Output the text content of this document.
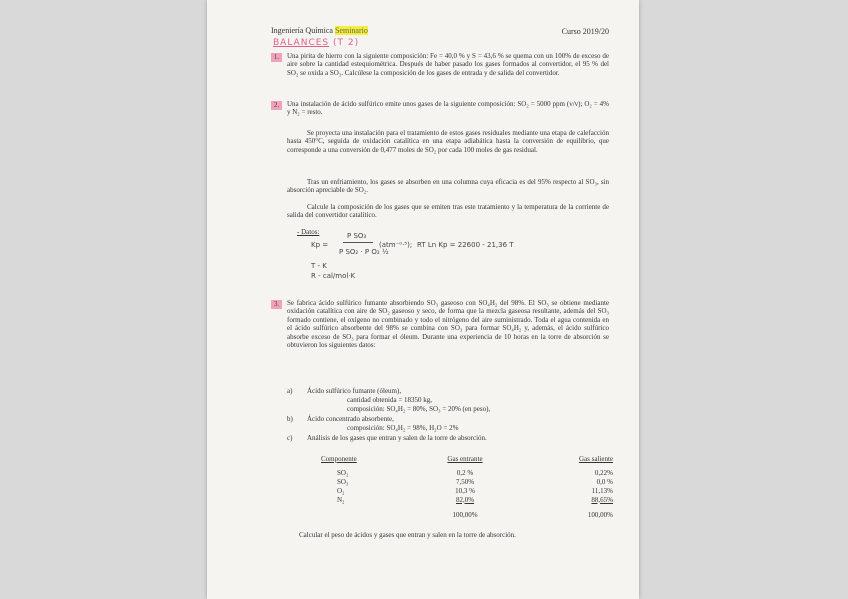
Ingeniería Química Seminario	Curso 2019/20
BALANCES (T 2)
1.	Una pirita de hierro con la siguiente composición: Fe = 40,0 % y S = 43,6 % se quema con un 100% de exceso de aire sobre la cantidad estequiométrica. Después de haber pasado los gases formados al convertidor, el 95 % del SO₂ se oxida a SO₃. Calcúlese la composición de los gases de entrada y de salida del convertidor.
2.	Una instalación de ácido sulfúrico emite unos gases de la siguiente composición: SO₂ = 5000 ppm (v/v); O₂ = 4% y N₂ = resto.
Se proyecta una instalación para el tratamiento de estos gases residuales mediante una etapa de calefacción hasta 450°C, seguida de oxidación catalítica en una etapa adiabática hasta la conversión de equilibrio, que corresponde a una conversión de 0,477 moles de SO₂ por cada 100 moles de gas residual.
Tras un enfriamiento, los gases se absorben en una columna cuya eficacia es del 95% respecto al SO₃, sin absorción apreciable de SO₂.
Calcule la composición de los gases que se emiten tras este tratamiento y la temperatura de la corriente de salida del convertidor catalítico.
- Datos:
Kp =
P SO₃
P SO₂ · P O₂ ½
(atm⁻⁰·⁵); RT Ln Kp = 22600 - 21,36 T
T - K
R - cal/mol·K
3.	Se fabrica ácido sulfúrico fumante absorbiendo SO₃ gaseoso con SO₄H₂ del 98%. El SO₃ se obtiene mediante oxidación catalítica con aire de SO₂ gaseoso y seco, de forma que la mezcla gaseosa resultante, además del SO₃ formado contiene, el oxígeno no combinado y todo el nitrógeno del aire suministrado. Toda el agua contenida en el ácido sulfúrico absorbente del 98% se combina con SO₃ para formar SO₄H₂ y, además, el ácido sulfúrico absorbe exceso de SO₃ para formar el óleum. Durante una experiencia de 10 horas en la torre de absorción se obtuvieron los siguientes datos:
a) Ácido sulfúrico fumante (óleum),
cantidad obtenida = 18350 kg,
composición: SO₄H₂ = 80%, SO₃ = 20% (en peso),
b) Ácido concentrado absorbente,
composición: SO₄H₂ = 98%, H₂O = 2%
c) Análisis de los gases que entran y salen de la torre de absorción.
Componente	Gas entrante	Gas saliente

SO₂	0,2 %	0,22%
SO₃	7,50%	0,0 %
O₂	10,3 %	11,13%
N₂	82,0%	88,65%

	100,00%	100,00%
Calcular el peso de ácidos y gases que entran y salen en la torre de absorción.
